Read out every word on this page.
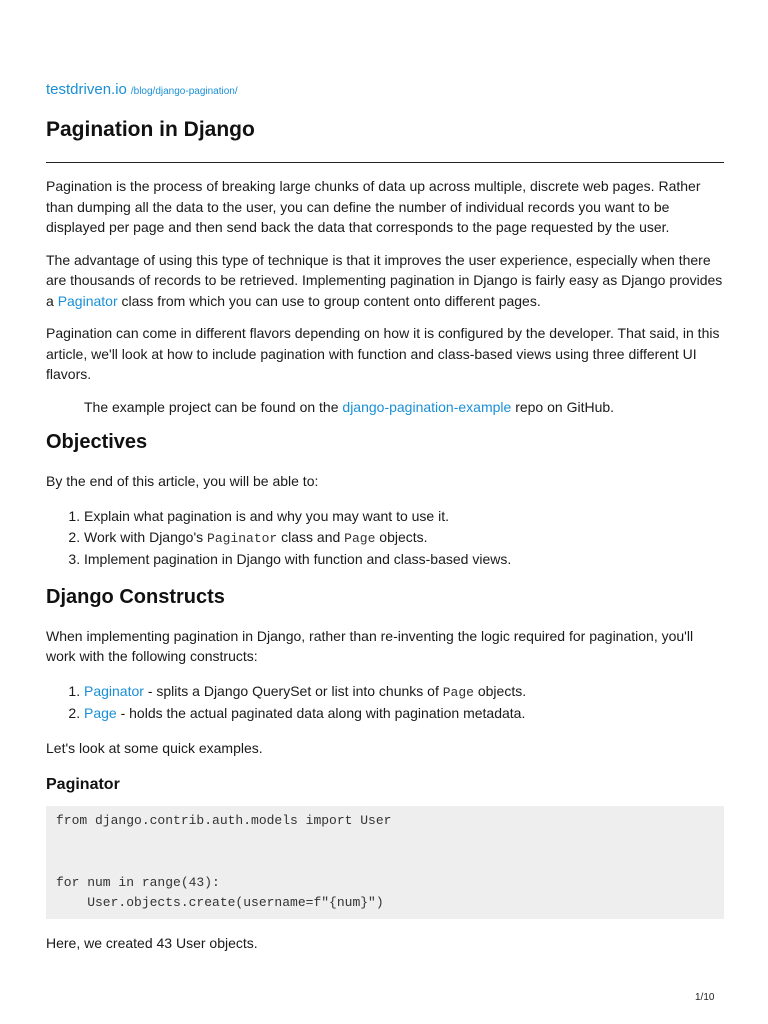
testdriven.io /blog/django-pagination/
Pagination in Django

Pagination is the process of breaking large chunks of data up across multiple, discrete web pages. Rather than dumping all the data to the user, you can define the number of individual records you want to be displayed per page and then send back the data that corresponds to the page requested by the user.

The advantage of using this type of technique is that it improves the user experience, especially when there are thousands of records to be retrieved. Implementing pagination in Django is fairly easy as Django provides a Paginator class from which you can use to group content onto different pages.

Pagination can come in different flavors depending on how it is configured by the developer. That said, in this article, we'll look at how to include pagination with function and class-based views using three different UI flavors.

The example project can be found on the django-pagination-example repo on GitHub.
Objectives

By the end of this article, you will be able to:

1. Explain what pagination is and why you may want to use it.
2. Work with Django's Paginator class and Page objects.
3. Implement pagination in Django with function and class-based views.
Django Constructs

When implementing pagination in Django, rather than re-inventing the logic required for pagination, you'll work with the following constructs:

1. Paginator - splits a Django QuerySet or list into chunks of Page objects.
2. Page - holds the actual paginated data along with pagination metadata.

Let's look at some quick examples.

Paginator
from django.contrib.auth.models import User

for num in range(43):
User.objects.create(username=f"{num}")

Here, we created 43 User objects.

1/10
